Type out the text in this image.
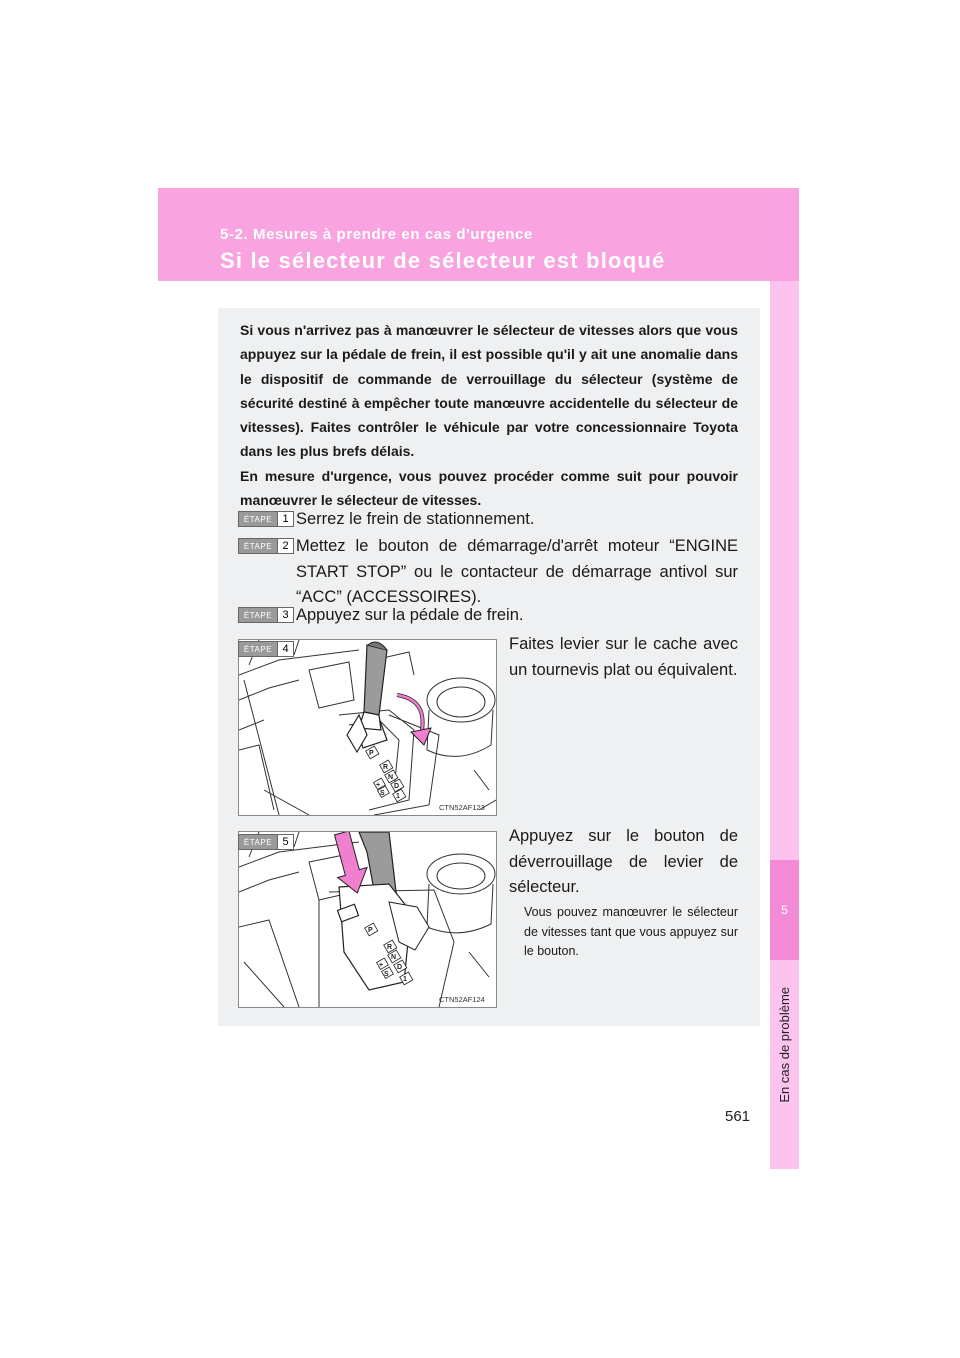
5-2. Mesures à prendre en cas d'urgence
Si le sélecteur de sélecteur est bloqué
5
En cas de problème

Si vous n'arrivez pas à manœuvrer le sélecteur de vitesses alors que vous appuyez sur la pédale de frein, il est possible qu'il y ait une anomalie dans le dispositif de commande de verrouillage du sélecteur (système de sécurité destiné à empêcher toute manœuvre accidentelle du sélecteur de vitesses). Faites contrôler le véhicule par votre concessionnaire Toyota dans les plus brefs délais.

En mesure d'urgence, vous pouvez procéder comme suit pour pouvoir manœuvrer le sélecteur de vitesses.

ÉTAPE 1 Serrez le frein de stationnement.
ÉTAPE 2 Mettez le bouton de démarrage/d'arrêt moteur “ENGINE START STOP” ou le contacteur de démarrage antivol sur “ACC” (ACCESSOIRES).
ÉTAPE 3 Appuyez sur la pédale de frein.
P
R
N
D
+
S 1
CTN52AF123
ÉTAPE 4	Faites levier sur le cache avec un tournevis plat ou équivalent.
P
R
N
D
+
S
1
CTN52AF124
ÉTAPE 5	Appuyez sur le bouton de déverrouillage de levier de sélecteur.
Vous pouvez manœuvrer le sélecteur de vitesses tant que vous appuyez sur le bouton.
561
